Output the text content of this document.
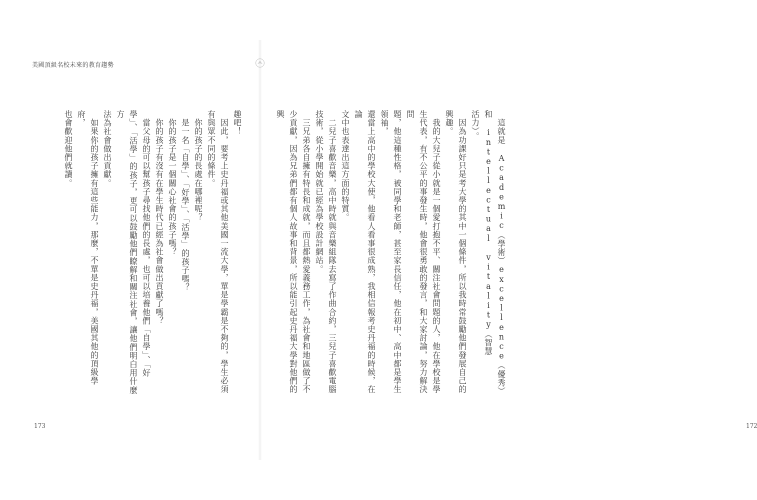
美國頂級名校未來的教育趨勢
趣吧！
　因此，要考上史丹福或其他美國一流大學，單是學霸是不夠的，學生必須
有與眾不同的條件。
　你的孩子的長處在哪裡呢？
　是一名「自學」、「好學」、「活學」的孩子嗎？
　你的孩子是一個關心社會的孩子嗎？
　你的孩子有沒有在學生時代已經為社會做出貢獻了嗎？
　當父母的可以幫孩子尋找他們的長處，也可以培養他們「自學」、「好
學」、「活學」的孩子，更可以鼓勵他們瞭解和關注社會，讓他們明白用什麼方
法為社會做出貢獻。
　如果你的孩子擁有這些能力，那麼，不單是史丹福，美國其他的頂級學府，
也會歡迎他們就讀。
173
　這就是 Academic（學術）excellence（優秀）和 intellectual vitality（智慧
活力）。
　因為功課好只是考大學的其中一個條件，所以我時常鼓勵他們發展自己的
興趣。
　我的大兒子從小就是一個愛打抱不平、關注社會問題的人，他在學校是學
生代表，有不公平的事發生時，他會很勇敢的發言，和大家討論，努力解決問
題，他這種性格，被同學和老師，甚至家長信任，他在初中、高中都是學生領袖，
還當上高中的學校大使，他看人看事很成熟，我相信報考史丹福的時候，在論
文中也表達出這方面的特質。
　二兒子喜歡音樂，高中時就與音樂組隊去寫了作曲合約，三兒子喜歡電腦
技術，從小學開始就已經為學校設計網站。
　三兄弟各自擁有特長和成就，而且都熱愛義務工作，為社會和地區做了不
少貢獻，因為兄弟們都有個人故事和背景，所以能引起史丹福大學對他們的興
172
